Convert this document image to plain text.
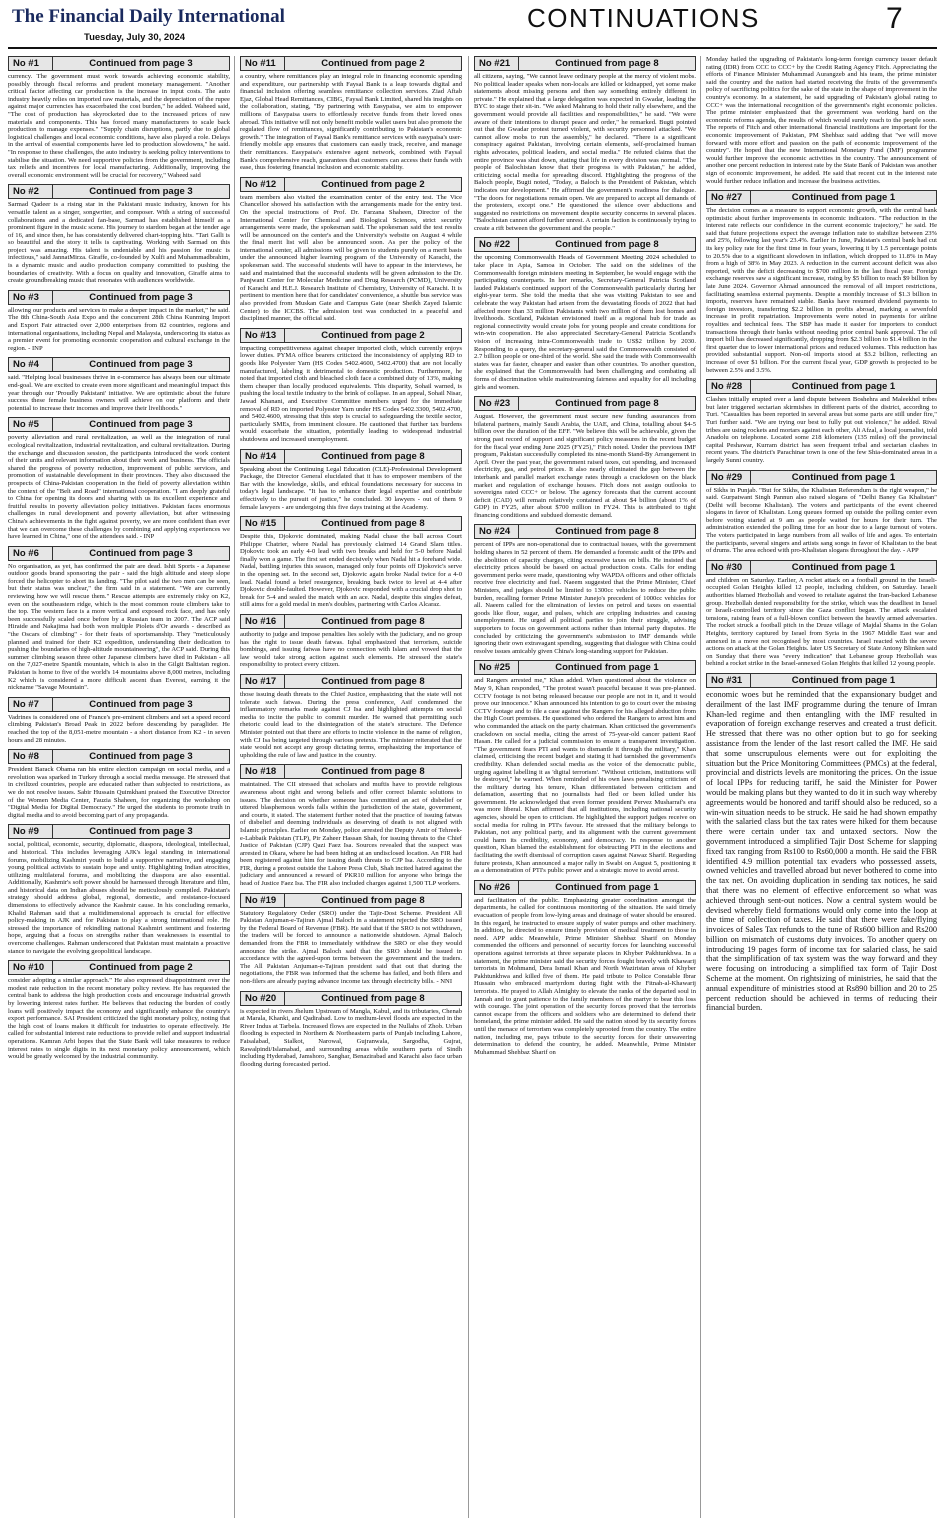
The Financial Daily International
Tuesday, July 30, 2024
CONTINUATIONS	7
No #1	Continued from page 3
currency. The government must work towards achieving economic stability, possibly through fiscal reforms and prudent monetary management. "Another critical factor affecting car production is the increase in input costs. The auto industry heavily relies on imported raw materials, and the depreciation of the rupee against major currencies has exacerbated the cost burden," he added. Waheed said, "The cost of production has skyrocketed due to the increased prices of raw materials and components. This has forced many manufacturers to scale back production to manage expenses." "Supply chain disruptions, partly due to global logistical challenges and local economic conditions, have also played a role. Delays in the arrival of essential components have led to production slowdowns," he said. "In response to these challenges, the auto industry is seeking policy interventions to stabilise the situation. We need supportive policies from the government, including tax reliefs and incentives for local manufacturing. Additionally, improving the overall economic environment will be crucial for recovery," Waheed said
No #2	Continued from page 3
Sarmad Qadeer is a rising star in the Pakistani music industry, known for his versatile talent as a singer, songwriter, and composer. With a string of successful collaborations and a dedicated fan-base, Sarmad has established himself as a prominent figure in the music scene. His journey to stardom began at the tender age of 16, and since then, he has consistently delivered chart-topping hits. "Tari Galli is so beautiful and the story it tells is captivating. Working with Sarmad on this project was amazing. His talent is undeniable and his passion for music is infectious," said JannatMirza. Giraffe, co-founded by Xulfi and Muhammadbrahim, is a dynamic music and audio production company committed to pushing the boundaries of creativity. With a focus on quality and innovation, Giraffe aims to create groundbreaking music that resonates with audiences worldwide.
No #3	Continued from page 3
allowing our products and services to make a deeper impact in the market," he said. The 8th China-South Asia Expo and the concurrent 28th China Kunming Import and Export Fair attracted over 2,000 enterprises from 82 countries, regions and international organisations, including Nepal and Malaysia, underscoring its status as a premier event for promoting economic cooperation and cultural exchange in the region. - INP
No #4	Continued from page 3
said. "Helping local businesses thrive in e-commerce has always been our ultimate end-goal. We are excited to create even more significant and meaningful impact this year through our 'Proudly Pakistani' initiative. We are optimistic about the future success these female business owners will achieve on our platform and their potential to increase their incomes and improve their livelihoods."
No #5	Continued from page 3
poverty alleviation and rural revitalization, as well as the integration of rural ecological revitalization, industrial revitalization, and cultural revitalization. During the exchange and discussion session, the participants introduced the work content of their units and relevant information about their work and business. The officials shared the progress of poverty reduction, improvement of public services, and promotion of sustainable development in their provinces. They also discussed the prospects of China-Pakistan cooperation in the field of poverty alleviation within the context of the "Belt and Road" international cooperation. "I am deeply grateful to China for opening its doors and sharing with us its excellent experience and fruitful results in poverty alleviation policy initiatives. Pakistan faces enormous challenges in rural development and poverty alleviation, but after witnessing China's achievements in the fight against poverty, we are more confident than ever that we can overcome these challenges by combining and applying experiences we have learned in China," one of the attendees said. - INP
No #6	Continued from page 3
No organisation, as yet, has confirmed the pair are dead. Ishii Sports - a Japanese outdoor goods brand sponsoring the pair - said the high altitude and steep slope forced the helicopter to abort its landing. "The pilot said the two men can be seen, but their status was unclear," the firm said in a statement. "We are currently reviewing how we will rescue them." Rescue attempts are extremely risky on K2, even on the southeastern ridge, which is the most common route climbers take to the top. The western face is a more vertical and exposed rock face, and has only been successfully scaled once before by a Russian team in 2007. The ACP said Hiraide and Nakajima had both won multiple Piolets d'Or awards - described as "the Oscars of climbing" - for their feats of sportsmanship. They "meticulously planned and trained for their K2 expedition, understanding their dedication to pushing the boundaries of high-altitude mountaineering", the ACP said. During this summer climbing season three other Japanese climbers have died in Pakistan - all on the 7,027-metre Spantik mountain, which is also in the Gilgit Baltistan region. Pakistan is home to five of the world's 14 mountains above 8,000 metres, including K2 which is considered a more difficult ascent than Everest, earning it the nickname "Savage Mountain".
No #7	Continued from page 3
Vadrines is considered one of France's pre-eminent climbers and set a speed record climbing Pakistan's Broad Peak in 2022 before descending by paraglider. He reached the top of the 8,051-metre mountain - a short distance from K2 - in seven hours and 28 minutes.
No #8	Continued from page 3
President Barack Obama ran his entire election campaign on social media, and a revolution was sparked in Turkey through a social media message. He stressed that in civilized countries, people are educated rather than subjected to restrictions, as we do not resolve issues. Sabir Hussain Quimkhani praised the Executive Director of the Women Media Center, Fauzia Shaheen, for organizing the workshop on "Digital Media for Digital Democracy." He urged the students to promote truth in digital media and to avoid becoming part of any propaganda.
No #9	Continued from page 3
social, political, economic, security, diplomatic, diaspora, ideological, intellectual, and historical. This includes leveraging AJK's legal standing in international forums, mobilizing Kashmiri youth to build a supportive narrative, and engaging young political activists to sustain hope and unity. Highlighting Indian atrocities, utilizing multilateral forums, and mobilizing the diaspora are also essential. Additionally, Kashmir's soft power should be harnessed through literature and film, and historical data on Indian abuses should be meticulously compiled. Pakistan's strategy should address global, regional, domestic, and resistance-focused dimensions to effectively advance the Kashmir cause. In his concluding remarks, Khalid Rahman said that a multidimensional approach is crucial for effective policy-making in AJK and for Pakistan to play a strong international role. He stressed the importance of rekindling national Kashmiri sentiment and fostering hope, arguing that a focus on strengths rather than weaknesses is essential to overcome challenges. Rahman underscored that Pakistan must maintain a proactive stance to navigate the evolving geopolitical landscape.
No #10	Continued from page 2
consider adopting a similar approach." He also expressed disappointment over the modest rate reduction in the recent monetary policy review. He has requested the central bank to address the high production costs and encourage industrial growth by lowering interest rates further. He believes that reducing the burden of costly loans will positively impact the economy and significantly enhance the country's export performance. SAI President criticized the tight monetary policy, noting that the high cost of loans makes it difficult for industries to operate effectively. He called for substantial interest rate reductions to provide relief and support industrial operations. Kamran Arbi hopes that the State Bank will take measures to reduce interest rates to single digits in its next monetary policy announcement, which would be greatly welcomed by the industrial community.
No #11	Continued from page 2
a country, where remittances play an integral role in financing economic spending and expenditure, our partnership with Faysal Bank is a leap towards digital and financial inclusion offering seamless remittance collection services. Ziad Aftab Ejaz, Global Head Remittances, CIBG, Faysal Bank Limited, shared his insights on the collaboration, stating, "By partnering with Easypaisa, we aim to empower millions of Easypaisa users to effortlessly receive funds from their loved ones abroad. This initiative will not only benefit mobile wallet users but also promote the regulated flow of remittances, significantly contributing to Pakistan's economic growth." The integration of Faysal Bank's remittance services with easypaisa's user-friendly mobile app ensures that customers can easily track, receive, and manage their remittances. Easypaisa's extensive agent network, combined with Faysal Bank's comprehensive reach, guarantees that customers can access their funds with ease, thus fostering financial inclusion and economic stability.
No #12	Continued from page 2
team members also visited the examination center of the entry test. The Vice Chancellor showed his satisfaction with the arrangements made for the entry test. On the special instructions of Prof. Dr. Farzana Shaheen, Director of the International Center for Chemical and Biological Sciences, strict security arrangements were made, the spokesman said. The spokesman said the test results will be announced on the center's and the University's website on August 4 while the final merit list will also be announced soon. As per the policy of the international center, all admissions will be given to students purely on a merit basis under the announced higher learning program of the University of Karachi, the spokesman said. The successful students will have to appear in the interviews, he said and maintained that the successful students will be given admission to the Dr. Panjwani Center for Molecular Medicine and Drug Research (PCMD), University of Karachi and H.E.J. Research Institute of Chemistry, University of Karachi. It is pertinent to mention here that for candidates' convenience, a shuttle bus service was also provided from Muskan Gate and Campus Gate (near Sheikh Zayed Islamic Center) to the ICCBS. The admission test was conducted in a peaceful and disciplined manner, the official said.
No #13	Continued from page 2
impacting competitiveness against cheaper imported cloth, which currently enjoys lower duties. PYMA office bearers criticized the inconsistency of applying RD to goods like Polyester Yarn (HS Codes 5402.4600, 5402.4700) that are not locally manufactured, labeling it detrimental to domestic production. Furthermore, he noted that imported cloth and bleached cloth face a combined duty of 13%, making them cheaper than locally produced equivalents. This disparity, Sohail warned, is pushing the local textile industry to the brink of collapse. In an appeal, Sohail Nisar, Jawad Khanani, and Executive Committee members urged for the immediate removal of RD on imported Polyester Yarn under HS Codes 5402.3300, 5402.4700, and 5402.4600, stressing that this step is crucial to safeguarding the textile sector, particularly SMEs, from imminent closure. He cautioned that further tax burdens would exacerbate the situation, potentially leading to widespread industrial shutdowns and increased unemployment.
No #14	Continued from page 8
Speaking about the Continuing Legal Education (CLE)-Professional Development Package, the Director General elucidated that it has to empower members of the Bar with the knowledge, skills, and ethical foundations necessary for success in today's legal landscape. "It has to enhance their legal expertise and contribute effectively to the pursuit of justice," he concluded. 30 lawyers - out of them 9 female lawyers - are undergoing this five days training at the Academy.
No #15	Continued from page 8
Despite this, Djokovic dominated, making Nadal chase the ball across Court Philippe Chatrier, where Nadal has previously claimed 14 Grand Slam titles. Djokovic took an early 4-0 lead with two breaks and held for 5-0 before Nadal finally won a game. The first set ended decisively when Nadal hit a forehand wide. Nadal, battling injuries this season, managed only four points off Djokovic's serve in the opening set. In the second set, Djokovic again broke Nadal twice for a 4-0 lead. Nadal found a brief resurgence, breaking back twice to level at 4-4 after Djokovic double-faulted. However, Djokovic responded with a crucial drop shot to break for 5-4 and sealed the match with an ace. Nadal, despite this singles defeat, still aims for a gold medal in men's doubles, partnering with Carlos Alcaraz.
No #16	Continued from page 8
authority to judge and impose penalties lies solely with the judiciary, and no group has the right to issue death fatwas. Iqbal emphasized that terrorism, suicide bombings, and issuing fatwas have no connection with Islam and vowed that the law would take strong action against such elements. He stressed the state's responsibility to protect every citizen.
No #17	Continued from page 8
those issuing death threats to the Chief Justice, emphasizing that the state will not tolerate such fatwas. During the press conference, Asif condemned the inflammatory remarks made against CJ Isa and highlighted attempts on social media to incite the public to commit murder. He warned that permitting such rhetoric could lead to the disintegration of the state's structure. The Defence Minister pointed out that there are efforts to incite violence in the name of religion, with CJ Isa being targeted through various pretexts. The minister reiterated that the state would not accept any group dictating terms, emphasizing the importance of upholding the rule of law and justice in the country.
No #18	Continued from page 8
maintained. The CII stressed that scholars and muftis have to provide religious awareness about right and wrong beliefs and offer correct Islamic solutions to issues. The decision on whether someone has committed an act of disbelief or uttered blasphemous words falls within the jurisdiction of the state, government, and courts, it stated. The statement further noted that the practice of issuing fatwas of disbelief and deeming individuals as deserving of death is not aligned with Islamic principles. Earlier on Monday, police arrested the Deputy Amir of Tehreek-e-Labbaik Pakistan (TLP), Pir Zaheer Hassan Shah, for issuing threats to the Chief Justice of Pakistan (CJP) Qazi Faez Isa. Sources revealed that the suspect was arrested in Okara, where he had been hiding at an undisclosed location. An FIR had been registered against him for issuing death threats to CJP Isa. According to the FIR, during a protest outside the Lahore Press Club, Shah incited hatred against the judiciary and announced a reward of PKR10 million for anyone who brings the head of Justice Faez Isa. The FIR also included charges against 1,500 TLP workers.
No #19	Continued from page 8
Statutory Regulatory Order (SRO) under the Tajir-Dost Scheme. President All Pakistan Anjuman-e-Tajiran Ajmal Baloch in a statement rejected the SRO issued by the Federal Board of Revenue (FBR). He said that if the SRO is not withdrawn, the traders will be forced to announce a nationwide shutdown. Ajmal Baloch demanded from the FBR to immediately withdraw the SRO or else they would announce the strike. Ajmal Baloch said that the SRO should be issued in accordance with the agreed-upon terms between the government and the traders. The All Pakistan Anjuman-e-Tajiran president said that out that during the negotiations, the FBR was informed that the scheme has failed, and both filers and non-filers are already paying advance income tax through electricity bills. - NNI
No #20	Continued from page 8
is expected in rivers Jhelum Upstream of Mangla, Kabul, and its tributaries, Chenab at Marala, Khanki, and Qadirabad. Low to medium-level floods are expected in the River Indus at Tarbela. Increased flows are expected in the Nullahs of Zhob. Urban flooding is expected in Northern & Northeastern parts of Punjab including Lahore, Faisalabad, Sialkot, Narowal, Gujranwala, Sargodha, Gujrat, Rawalpindi/Islamabad, and surrounding areas while southern parts of Sindh including Hyderabad, Jamshoro, Sanghar, Benazirabad and Karachi also face urban flooding during forecasted period.
No #21	Continued from page 8
all citizens, saying, "We cannot leave ordinary people at the mercy of violent mobs. No political leader speaks when non-locals are killed or kidnapped, yet some make statements about missing persons and then say something entirely different in private." He explained that a large delegation was expected in Gwadar, leading the BYC to stage their sit-in. "We asked Mahrang to hold their rally elsewhere, and the government would provide all facilities and responsibilities," he said. "We were aware of their intentions to disrupt peace and order," he remarked. Bugti pointed out that the Gwadar protest turned violent, with security personnel attacked. "We cannot allow mobs to run the assembly," he declared. "There is a significant conspiracy against Pakistan, involving certain elements, self-proclaimed human rights advocates, political leaders, and social media." He refuted claims that the entire province was shut down, stating that life in every division was normal. "The people of Balochistan know that their progress is with Pakistan," he added, criticizing social media for spreading discord. Highlighting the progress of the Baloch people, Bugti noted, "Today, a Baloch is the President of Pakistan, which indicates our development." He affirmed the government's readiness for dialogue. "The doors for negotiations remain open. We are prepared to accept all demands of the protesters, except one." He questioned the silence over abductions and suggested no restrictions on movement despite security concerns in several places. "Balochistan cannot afford further unrest. A certain faction is continuously trying to create a rift between the government and the people."
No #22	Continued from page 8
the upcoming Commonwealth Heads of Government Meeting 2024 scheduled to take place in Apia, Samoa in October. The said on the sidelines of the Commonwealth foreign ministers meeting in September, he would engage with the participating counterparts. In her remarks, Secretary-General Patricia Scotland lauded Pakistan's continued support of the Commonwealth particularly during her eight-year term. She told the media that she was visiting Pakistan to see and celebrate the way Pakistan had arisen from the devastating floods of 2022 that had affected more than 33 million Pakistanis with two million of them lost homes and livelihoods. Scotland, Pakistan envisioned itself as a regional hub for trade as regional connectivity would create jobs for young people and create conditions for win-win cooperation. He also appreciated Secretary-General Patricia Scotland's vision of increasing intra-Commonwealth trade to US$2 trillion by 2030. Responding to a query, the secretary-general said the Commonwealth consisted of 2.7 billion people or one-third of the world. She said the trade with Commonwealth states was far faster, cheaper and easier than other countries. To another question, she explained that the Commonwealth had been challenging and combating all forms of discrimination while mainstreaming fairness and equality for all including girls and women.
No #23	Continued from page 8
August. However, the government must secure new funding assurances from bilateral partners, mainly Saudi Arabia, the UAE, and China, totalling about $4-5 billion over the duration of the EFF. "We believe this will be achievable, given the strong past record of support and significant policy measures in the recent budget for the fiscal year ending June 2025 (FY25)," Fitch noted. Under the previous IMF program, Pakistan successfully completed its nine-month Stand-By Arrangement in April. Over the past year, the government raised taxes, cut spending, and increased electricity, gas, and petrol prices. It also nearly eliminated the gap between the interbank and parallel market exchange rates through a crackdown on the black market and regulation of exchange houses. Fitch does not assign outlooks to sovereigns rated CCC+ or below. The agency forecasts that the current account deficit (CAD) will remain relatively contained at about $4 billion (about 1% of GDP) in FY25, after about $700 million in FY24. This is attributed to tight financing conditions and subdued domestic demand.
No #24	Continued from page 8
percent of IPPs are non-operational due to contractual issues, with the government holding shares in 52 percent of them. He demanded a forensic audit of the IPPs and the abolition of capacity charges, citing excessive taxes on bills. He insisted that electricity prices should be based on actual production costs. Calls for ending government perks were made, questioning why WAPDA officers and other officials receive free electricity and fuel. Naeem suggested that the Prime Minister, Chief Ministers, and judges should be limited to 1300cc vehicles to reduce the public burden, recalling former Prime Minister Junejo's precedent of 1000cc vehicles for all. Naeem called for the elimination of levies on petrol and taxes on essential goods like flour, sugar, and pulses, which are crippling industries and causing unemployment. He urged all political parties to join their struggle, advising supporters to focus on government actions rather than internal party disputes. He concluded by criticizing the government's submission to IMF demands while ignoring their own extravagant spending, suggesting that dialogue with China could resolve issues amicably given China's long-standing support for Pakistan.
No #25	Continued from page 1
and Rangers arrested me," Khan added. When questioned about the violence on May 9, Khan responded, "The protest wasn't peaceful because it was pre-planned. CCTV footage is not being released because our people are not in it, and it would prove our innocence." Khan announced his intention to go to court over the missing CCTV footage and to file a case against the Rangers for his alleged abduction from the High Court premises. He questioned who ordered the Rangers to arrest him and who commanded the attack on the party chairman. Khan criticised the government's crackdown on social media, citing the arrest of 75-year-old cancer patient Raof Hasan. He called for a judicial commission to ensure a transparent investigation. "The government fears PTI and wants to dismantle it through the military," Khan claimed, criticising the recent budget and stating it had tarnished the government's credibility. Khan defended social media as the voice of the democratic public, urging against labelling it as 'digital terrorism'. "Without criticism, institutions will be destroyed," he warned. When reminded of his own laws penalising criticism of the military during his tenure, Khan differentiated between criticism and defamation, asserting that no journalists had fled or been killed under his government. He acknowledged that even former president Pervez Musharraf's era was more liberal. Khan affirmed that all institutions, including national security agencies, should be open to criticism. He highlighted the support judges receive on social media for ruling in PTI's favour. He stressed that the military belongs to Pakistan, not any political party, and its alignment with the current government could harm its credibility, economy, and democracy. In response to another question, Khan blamed the establishment for obstructing PTI in the elections and facilitating the swift dismissal of corruption cases against Nawaz Sharif. Regarding future protests, Khan announced a major rally in Swabi on August 5, positioning it as a demonstration of PTI's public power and a strategic move to avoid arrest.
No #26	Continued from page 1
and facilitation of the public. Emphasizing greater coordination amongst the departments, he called for continuous monitoring of the situation. He said timely evacuation of people from low-lying areas and drainage of water should be ensured. In this regard, he instructed to ensure supply of water pumps and other machinery. In addition, he directed to ensure timely provision of medical treatment to those in need. APP adds: Meanwhile, Prime Minister Shehbaz Sharif on Monday commended the officers and personnel of security forces for launching successful operations against terrorists at three separate places in Khyber Pakhtunkhwa. In a statement, the prime minister said the security forces fought bravely with Khawarij terrorists in Mohmand, Dera Ismail Khan and North Waziristan areas of Khyber Pakhtunkhwa and killed five of them. He paid tribute to Police Constable Ibrar Hussain who embraced martyrdom during fight with the Fitnah-al-Khawarij terrorists. He prayed to Allah Almighty to elevate the ranks of the departed soul in Jannah and to grant patience to the family members of the martyr to bear this loss with courage. The joint operation of the security forces proved that the terrorists cannot escape from the officers and soldiers who are determined to defend their homeland, the prime minister added. He said the nation stood by its security forces until the menace of terrorism was completely uprooted from the country. The entire nation, including me, pays tribute to the security forces for their unwavering determination to defend the country, he added. Meanwhile, Prime Minister Muhammad Shehbaz Sharif on
Monday hailed the upgrading of Pakistan's long-term foreign currency issuer default rating (IDR) from CCC to CCC+ by the Credit Rating Agency Fitch. Appreciating the efforts of Finance Minister Muhammad Aurangzeb and his team, the prime minister said the country and the nation had started receiving the fruits of the government's policy of sacrificing politics for the sake of the state in the shape of improvement in the country's economy. In a statement, he said upgrading of Pakistan's global rating to CCC+ was the international recognition of the government's right economic policies. The prime minister emphasized that the government was working hard on the economic reforms agenda, the results of which would surely reach to the people soon. The reports of Fitch and other international financial institutions are important for the economic improvement of Pakistan, PM Shehbaz said adding that "we will move forward with more effort and passion on the path of economic improvement of the country". He hoped that the new International Monetary Fund (IMF) programme would further improve the economic activities in the country. The announcement of another one percent reduction in interest rate by the State Bank of Pakistan was another sign of economic improvement, he added. He said that recent cut in the interest rate would further reduce inflation and increase the business activities.
No #27	Continued from page 1
The decision comes as a measure to support economic growth, with the central bank optimistic about further improvements in economic indicators. "The reduction in the interest rate reflects our confidence in the current economic trajectory," he said. He said that future projections expect the average inflation rate to stabilize between 23% and 25%, following last year's 23.4%. Earlier in June, Pakistan's central bank had cut its key policy rate for the first time in four years, lowering it by 1.5 percentage points to 20.5% due to a significant slowdown in inflation, which dropped to 11.8% in May from a high of 38% in May 2023. A reduction in the current account deficit was also reported, with the deficit decreasing to $700 million in the last fiscal year. Foreign exchange reserves saw a significant increase, rising by $5 billion to reach $9 billion by late June 2024. Governor Ahmad announced the removal of all import restrictions, facilitating seamless external payments. Despite a monthly increase of $1.3 billion in imports, reserves have remained stable. Banks have resumed dividend payments to foreign investors, transferring $2.2 billion in profits abroad, marking a sevenfold increase in profit repatriation. Improvements were noted in payments for airline royalties and technical fees. The SBP has made it easier for importers to conduct transactions through their banks without needing prior central bank approval. The oil import bill has decreased significantly, dropping from $2.3 billion to $1.4 billion in the first quarter due to lower international prices and reduced volumes. This reduction has provided substantial support. Non-oil imports stood at $3.2 billion, reflecting an increase of over $1 billion. For the current fiscal year, GDP growth is projected to be between 2.5% and 3.5%.
No #28	Continued from page 1
Clashes initially erupted over a land dispute between Boshehra and Maleekhel tribes but later triggered sectarian skirmishes in different parts of the district, according to Turi. "Casualties has been reported in several areas but some parts are still under fire," Turi further said. "We are trying our best to fully put out violence," he added. Rival tribes are using rockets and mortars against each other, Ali Afzal, a local journalist, told Anadolu on telephone. Located some 218 kilometers (135 miles) off the provincial capital Peshawar, Kurram district has seen frequent tribal and sectarian clashes in recent years. The district's Parachinar town is one of the few Shia-dominated areas in a largely Sunni country.
No #29	Continued from page 1
of Sikhs in Punjab. "But for Sikhs, the Khalistan Referendum is the right weapon," he said. Gurpatwant Singh Pannun also raised slogans of "Delhi Baney Ga Khalistan" (Delhi will become Khalistan). The voters and participants of the event cheered slogans in favor of Khalistan. Long queues formed up outside the polling center even before voting started at 9 am as people waited for hours for their turn. The administration extended the polling time for an hour due to a large turnout of voters. The voters participated in large numbers from all walks of life and ages. To entertain the participants, several singers and artists sang songs in favor of Khalistan to the beat of drums. The area echoed with pro-Khalistan slogans throughout the day. - APP
No #30	Continued from page 1
and children on Saturday. Earlier, A rocket attack on a football ground in the Israeli-occupied Golan Heights killed 12 people, including children, on Saturday. Israeli authorities blamed Hezbollah and vowed to retaliate against the Iran-backed Lebanese group. Hezbollah denied responsibility for the strike, which was the deadliest in Israel or Israeli-controlled territory since the Gaza conflict began. The attack escalated tensions, raising fears of a full-blown conflict between the heavily armed adversaries. The rocket struck a football pitch in the Druze village of Majdal Shams in the Golan Heights, territory captured by Israel from Syria in the 1967 Middle East war and annexed in a move not recognised by most countries. Israel reacted with the severe actions on attack at the Golan Heights. later US Secretary of State Antony Blinken said on Sunday that there was "every indication" that Lebanese group Hezbollah was behind a rocket strike in the Israel-annexed Golan Heights that killed 12 young people.
No #31	Continued from page 1
economic woes but he reminded that the expansionary budget and derailment of the last IMF programme during the tenure of Imran Khan-led regime and then entangling with the IMF resulted in evaporation of foreign exchange reserves and created a trust deficit. He stressed that there was no other option but to go for seeking assistance from the lender of the last resort called the IMF. He said that some unscrupulous elements were out for exploiting the situation but the Price Monitoring Committees (PMCs) at the federal, provincial and districts levels are monitoring the prices. On the issue of local IPPs for reducing tariff, he said the Minister for Power would be making plans but they wanted to do it in such way whereby agreements would be honored and tariff should also be reduced, so a win-win situation needs to be struck. He said he had shown empathy with the salaried class but the tax rates were hiked for them because there were certain under tax and untaxed sectors. Now the government introduced a simplified Tajir Dost Scheme for slapping fixed tax ranging from Rs100 to Rs60,000 a month. He said the FBR identified 4.9 million potential tax evaders who possessed assets, owned vehicles and travelled abroad but never bothered to come into the tax net. On avoiding duplication in sending tax notices, he said that there was no element of effective enforcement so what was achieved through sent-out notices. Now a central system would be devised whereby field formations would only come into the loop at the time of collection of taxes. He said that there were fake/flying invoices of Sales Tax refunds to the tune of Rs600 billion and Rs200 billion on mismatch of customs duty invoices. To another query on introducing 19 pages form of income tax for salaried class, he said that the simplification of tax system was the way forward and they were focusing on introducing a simplified tax form of Tajir Dost Scheme at the moment. On rightsizing of ministries, he said that the annual expenditure of ministries stood at Rs890 billion and 20 to 25 percent reduction should be achieved in terms of reducing their financial burden.
